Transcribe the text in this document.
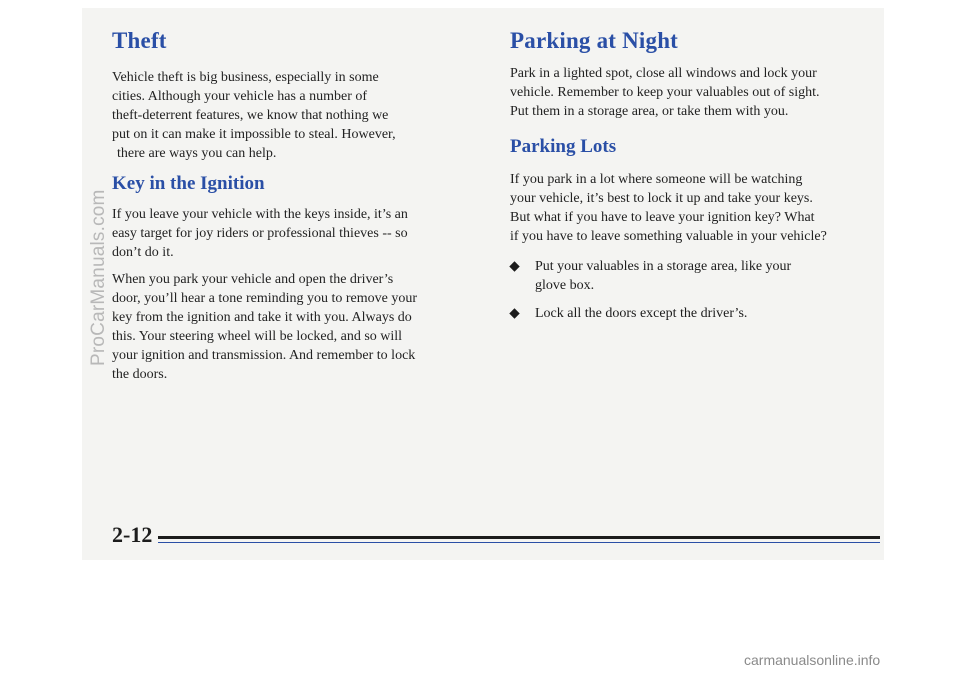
Theft

Vehicle theft is big business, especially in some
cities. Although your vehicle has a number of
theft-deterrent features, we know that nothing we
put on it can make it impossible to steal. However,
there are ways you can help.

Key in the Ignition

If you leave your vehicle with the keys inside, it’s an
easy target for joy riders or professional thieves -- so
don’t do it.

When you park your vehicle and open the driver’s
door, you’ll hear a tone reminding you to remove your
key from the ignition and take it with you. Always do
this. Your steering wheel will be locked, and so will
your ignition and transmission. And remember to lock
the doors.

Parking at Night

Park in a lighted spot, close all windows and lock your
vehicle. Remember to keep your valuables out of sight.
Put them in a storage area, or take them with you.

Parking Lots

If you park in a lot where someone will be watching
your vehicle, it’s best to lock it up and take your keys.
But what if you have to leave your ignition key? What
if you have to leave something valuable in your vehicle?

Put your valuables in a storage area, like your
glove box.
Lock all the doors except the driver’s.
2-12
ProCarManuals.com
carmanualsonline.info
